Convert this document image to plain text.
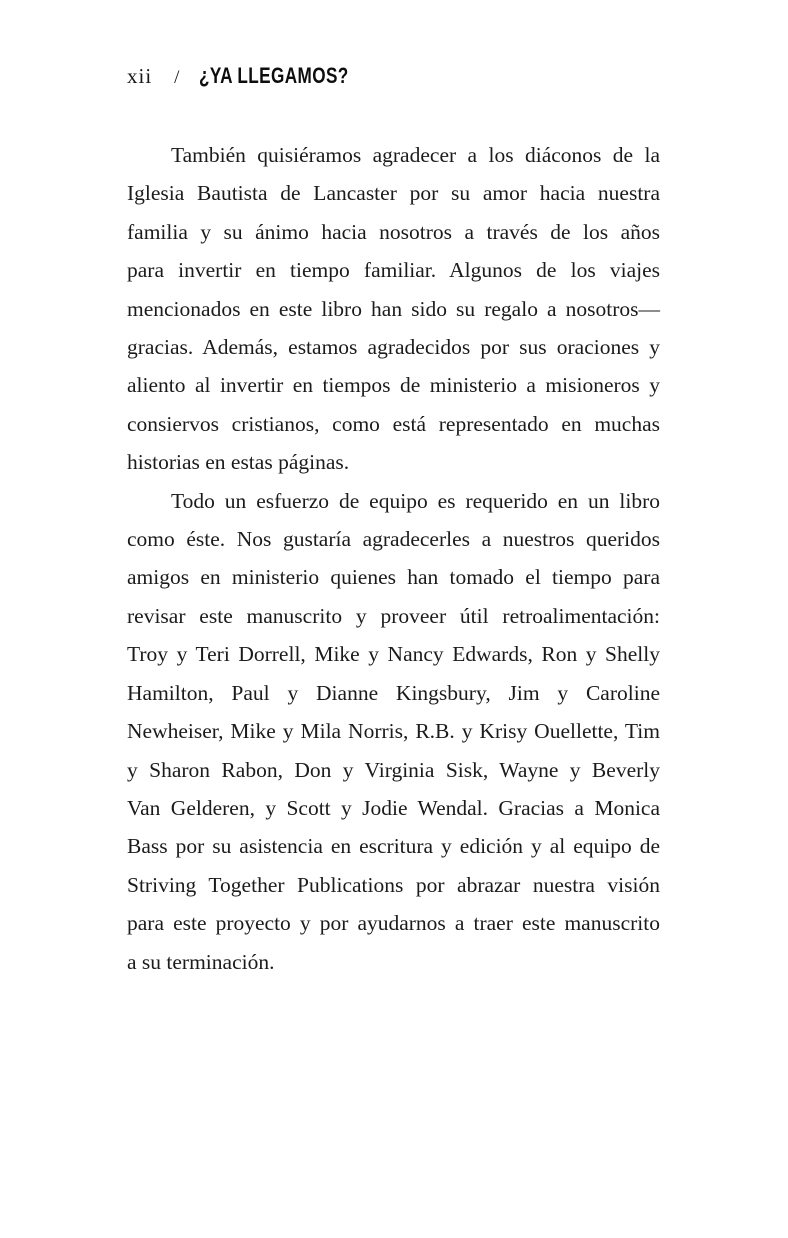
xii / ¿YA LLEGAMOS?

También quisiéramos agradecer a los diáconos de la
Iglesia Bautista de Lancaster por su amor hacia nuestra
familia y su ánimo hacia nosotros a través de los años
para invertir en tiempo familiar. Algunos de los viajes
mencionados en este libro han sido su regalo a nosotros—
gracias. Además, estamos agradecidos por sus oraciones y
aliento al invertir en tiempos de ministerio a misioneros y
consiervos cristianos, como está representado en muchas
historias en estas páginas.

Todo un esfuerzo de equipo es requerido en un libro
como éste. Nos gustaría agradecerles a nuestros queridos
amigos en ministerio quienes han tomado el tiempo para
revisar este manuscrito y proveer útil retroalimentación:
Troy y Teri Dorrell, Mike y Nancy Edwards, Ron y Shelly
Hamilton, Paul y Dianne Kingsbury, Jim y Caroline
Newheiser, Mike y Mila Norris, R.B. y Krisy Ouellette, Tim
y Sharon Rabon, Don y Virginia Sisk, Wayne y Beverly
Van Gelderen, y Scott y Jodie Wendal. Gracias a Monica
Bass por su asistencia en escritura y edición y al equipo de
Striving Together Publications por abrazar nuestra visión
para este proyecto y por ayudarnos a traer este manuscrito
a su terminación.
